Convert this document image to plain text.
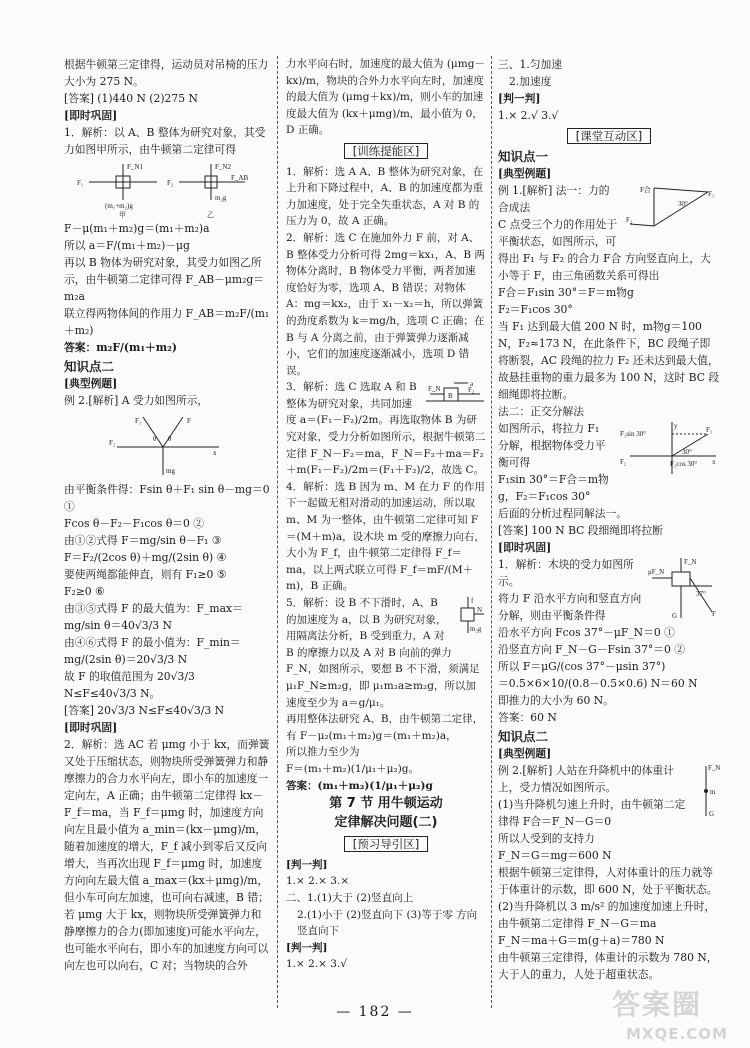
根据牛顿第三定律得，运动员对吊椅的压力大小为 275 N。

[答案] (1)440 N (2)275 N

[即时巩固]

1．解析：以 A、B 整体为研究对象，其受力如图甲所示，由牛顿第二定律可得

F₁
F_N1
(m₁+m₂)g
甲
F₂
F_N2
F_AB
m₂g
乙

F－μ(m₁＋m₂)g＝(m₁＋m₂)a

所以 a＝F/(m₁＋m₂)－μg

再以 B 物体为研究对象，其受力如图乙所示，由牛顿第二定律可得 F_AB－μm₂g＝m₂a

联立得两物体间的作用力 F_AB＝m₂F/(m₁＋m₂)

答案：m₂F/(m₁＋m₂)

知识点二

[典型例题]

例 2.[解析] A 受力如图所示，

F₁
F₂
F
θ θ
x
mg

由平衡条件得：Fsin θ＋F₁ sin θ－mg＝0 ①

Fcos θ－F₂－F₁cos θ＝0 ②

由①②式得 F＝mg/sin θ－F₁ ③

F＝F₂/(2cos θ)＋mg/(2sin θ) ④

要使两绳都能伸直，则有 F₁≥0 ⑤

F₂≥0 ⑥

由③⑤式得 F 的最大值为：F_max＝mg/sin θ＝40√3/3 N

由④⑥式得 F 的最小值为：F_min＝mg/(2sin θ)＝20√3/3 N

故 F 的取值范围为 20√3/3 N≤F≤40√3/3 N。

[答案] 20√3/3 N≤F≤40√3/3 N

[即时巩固]

2．解析：选 AC 若 μmg 小于 kx，而弹簧又处于压缩状态，则物块所受弹簧弹力和静摩擦力的合力水平向左，即小车的加速度一定向左，A 正确；由牛顿第二定律得 kx－F_f＝ma，当 F_f＝μmg 时，加速度方向向左且最小值为 a_min＝(kx－μmg)/m，随着加速度的增大，F_f 减小到零后又反向增大，当再次出现 F_f＝μmg 时，加速度方向向左最大值 a_max＝(kx＋μmg)/m，但小车可向左加速，也可向右减速，B 错；若 μmg 大于 kx，则物块所受弹簧弹力和静摩擦力的合力(即加速度)可能水平向左，也可能水平向右，即小车的加速度方向可以向左也可以向右，C 对；当物块的合外

力水平向右时，加速度的最大值为 (μmg－kx)/m，物块的合外力水平向左时，加速度的最大值为 (μmg＋kx)/m，则小车的加速度最大值为 (kx＋μmg)/m，最小值为 0，D 正确。

[训练提能区]

1．解析：选 A A、B 整体为研究对象，在上升和下降过程中，A、B 的加速度都为重力加速度，处于完全失重状态，A 对 B 的压力为 0，故 A 正确。

2．解析：选 C 在施加外力 F 前，对 A、B 整体受力分析可得 2mg＝kx₁，A、B 两物体分离时，B 物体受力平衡，两者加速度恰好为零，选项 A、B 错误；对物体 A：mg＝kx₂，由于 x₁－x₂＝h，所以弹簧的劲度系数为 k＝mg/h，选项 C 正确；在 B 与 A 分离之前，由于弹簧弹力逐渐减小，它们的加速度逐渐减小，选项 D 错误。

a
F_N
B
F₂

3．解析：选 C 选取 A 和 B 整体为研究对象，共同加速度 a＝(F₁－F₂)/2m。再选取物体 B 为研究对象，受力分析如图所示，根据牛顿第二定律 F_N－F₂＝ma，F_N＝F₂＋ma＝F₂＋m(F₁－F₂)/2m＝(F₁＋F₂)/2，故选 C。

4．解析：选 B 因为 m、M 在力 F 的作用下一起做无相对滑动的加速运动，所以取 m、M 为一整体，由牛顿第二定律可知 F＝(M＋m)a，设木块 m 受的摩擦力向右，大小为 F_f，由牛顿第二定律得 F_f＝ma，以上两式联立可得 F_f＝mF/(M＋m)，B 正确。

f
N
m₂g

5．解析：设 B 不下滑时，A、B 的加速度为 a，以 B 为研究对象，用隔离法分析，B 受到重力，A 对 B 的摩擦力以及 A 对 B 向前的弹力 F_N，如图所示，要想 B 不下滑，须满足 μ₁F_N≥m₂g，即 μ₁m₂a≥m₂g，所以加速度至少为 a＝g/μ₁。

再用整体法研究 A、B，由牛顿第二定律，有 F－μ₂(m₁＋m₂)g＝(m₁＋m₂)a，

所以推力至少为

F＝(m₁＋m₂)(1/μ₁＋μ₂)g。

答案：(m₁＋m₂)(1/μ₁＋μ₂)g

第 7 节 用牛顿运动

定律解决问题(二)

[预习导引区]

[判一判]

1.× 2.× 3.×

二、1.(1)大于 (2)竖直向上

2.(1)小于 (2)竖直向下 (3)等于零 方向竖直向下

[判一判]

1.× 2.× 3.√

三、1.匀加速

2.加速度

[判一判]

1.× 2.√ 3.√

[课堂互动区]

知识点一

[典型例题]

F合	F₁
30°
F₂

例 1.[解析] 法一：力的合成法

C 点受三个力的作用处于平衡状态，如图所示，可得出 F₁ 与 F₂ 的合力 F合 方向竖直向上，大小等于 F，由三角函数关系可得出

F合＝F₁sin 30°＝F＝m物g

F₂＝F₁cos 30°

当 F₁ 达到最大值 200 N 时，m物g＝100 N，F₂≈173 N，在此条件下，BC 段绳子即将断裂，AC 段绳的拉力 F₂ 还未达到最大值，故悬挂重物的重力最多为 100 N，这时 BC 段细绳即将拉断。

法二：正交分解法

y
F₁sin 30°	F₁
30°
F₁cos 30° x
F₂

如图所示，将拉力 F₁ 分解，根据物体受力平衡可得

F₁sin 30°＝F合＝m物g，F₂＝F₁cos 30°

后面的分析过程同解法一。

[答案] 100 N BC 段细绳即将拉断

[即时巩固]

μF_N
F_N
37°
F
G

1．解析：木块的受力如图所示。

将力 F 沿水平方向和竖直方向分解，则由平衡条件得

沿水平方向 Fcos 37°－μF_N＝0 ①

沿竖直方向 F_N－G－Fsin 37°＝0 ②

所以 F＝μG/(cos 37°－μsin 37°)

＝0.5×6×10/(0.8－0.5×0.6) N＝60 N

即推力的大小为 60 N。

答案：60 N

知识点二

[典型例题]

F_N
m
G

例 2.[解析] 人站在升降机中的体重计上，受力情况如图所示。

(1)当升降机匀速上升时，由牛顿第二定律得 F合＝F_N－G＝0

所以人受到的支持力

F_N＝G＝mg＝600 N

根据牛顿第三定律得，人对体重计的压力就等于体重计的示数，即 600 N，处于平衡状态。

(2)当升降机以 3 m/s² 的加速度加速上升时，由牛顿第二定律得 F_N－G＝ma

F_N＝ma＋G＝m(g＋a)＝780 N

由牛顿第三定律得，体重计的示数为 780 N，大于人的重力，人处于超重状态。

— 182 —	答案圈
MXQE.COM
